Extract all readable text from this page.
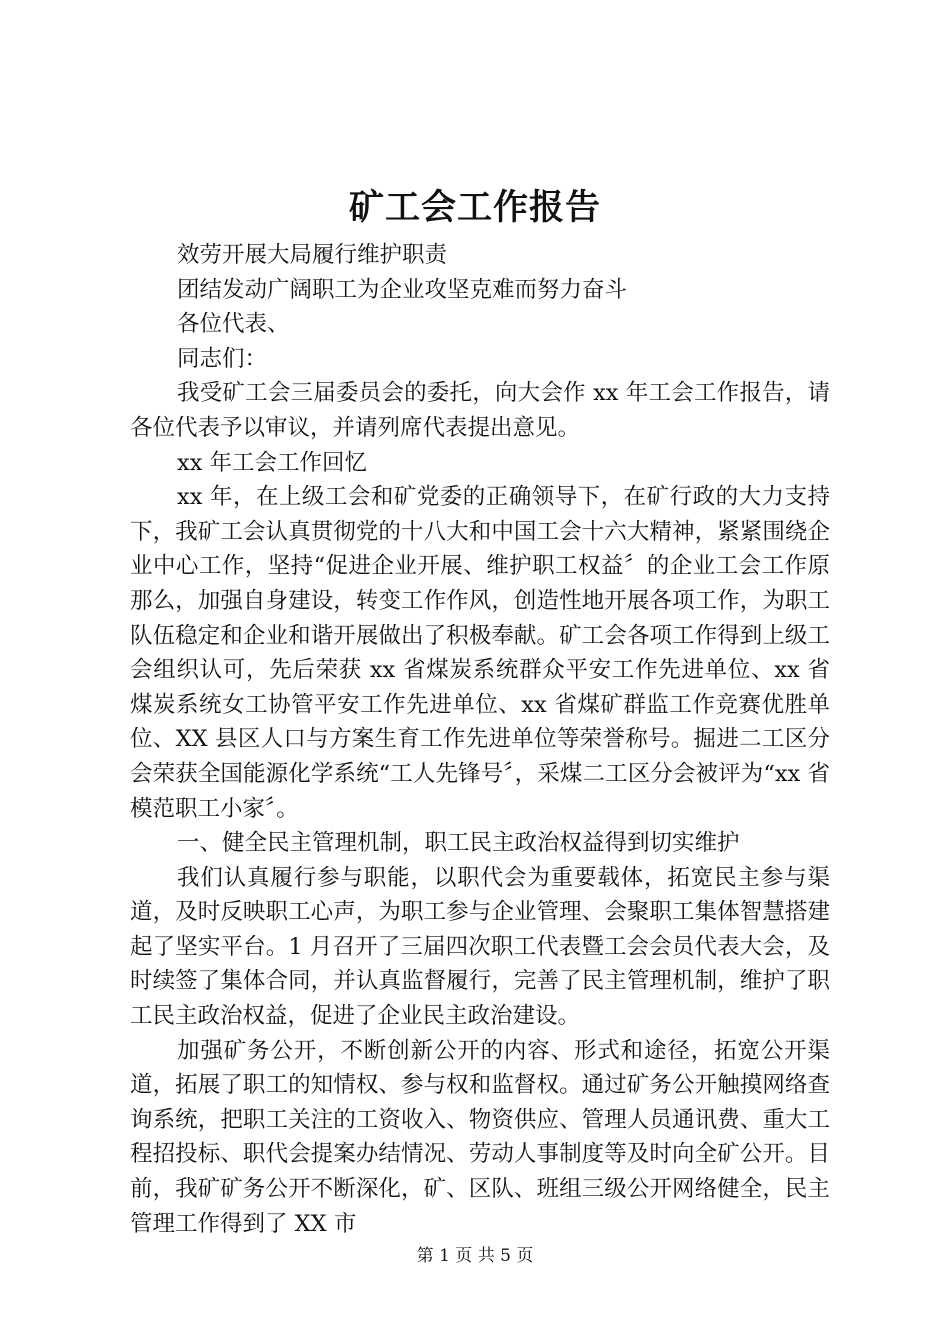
矿工会工作报告

效劳开展大局履行维护职责

团结发动广阔职工为企业攻坚克难而努力奋斗

各位代表、

同志们：

我受矿工会三届委员会的委托，向大会作 xx 年工会工作报告，请各位代表予以审议，并请列席代表提出意见。

xx 年工会工作回忆

xx 年，在上级工会和矿党委的正确领导下，在矿行政的大力支持下，我矿工会认真贯彻党的十八大和中国工会十六大精神，紧紧围绕企业中心工作，坚持“促进企业开展、维护职工权益〞的企业工会工作原那么，加强自身建设，转变工作作风，创造性地开展各项工作，为职工队伍稳定和企业和谐开展做出了积极奉献。矿工会各项工作得到上级工会组织认可，先后荣获 xx 省煤炭系统群众平安工作先进单位、xx 省煤炭系统女工协管平安工作先进单位、xx 省煤矿群监工作竞赛优胜单位、XX 县区人口与方案生育工作先进单位等荣誉称号。掘进二工区分会荣获全国能源化学系统“工人先锋号〞，采煤二工区分会被评为“xx 省模范职工小家〞。

一、健全民主管理机制，职工民主政治权益得到切实维护

我们认真履行参与职能，以职代会为重要载体，拓宽民主参与渠道，及时反映职工心声，为职工参与企业管理、会聚职工集体智慧搭建起了坚实平台。1 月召开了三届四次职工代表暨工会会员代表大会，及时续签了集体合同，并认真监督履行，完善了民主管理机制，维护了职工民主政治权益，促进了企业民主政治建设。

加强矿务公开，不断创新公开的内容、形式和途径，拓宽公开渠道，拓展了职工的知情权、参与权和监督权。通过矿务公开触摸网络查询系统，把职工关注的工资收入、物资供应、管理人员通讯费、重大工程招投标、职代会提案办结情况、劳动人事制度等及时向全矿公开。目前，我矿矿务公开不断深化，矿、区队、班组三级公开网络健全，民主管理工作得到了 XX 市

第 1 页 共 5 页
